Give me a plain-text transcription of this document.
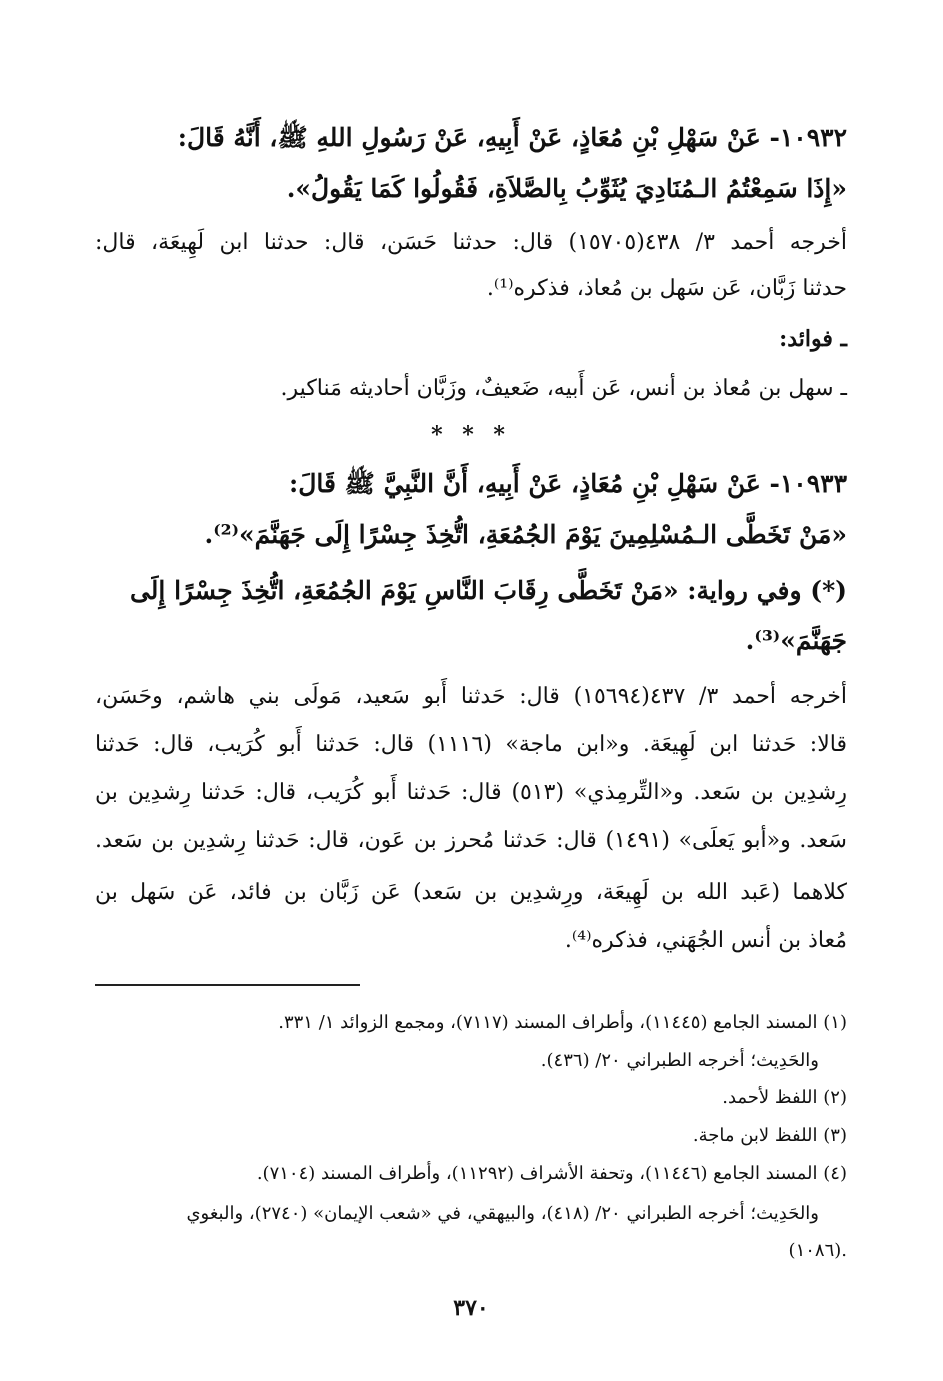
١٠٩٣٢- عَنْ سَهْلِ بْنِ مُعَاذٍ، عَنْ أَبِيهِ، عَنْ رَسُولِ اللهِ ﷺ، أَنَّهُ قَالَ:
«إِذَا سَمِعْتُمُ الـمُنَادِيَ يُثَوِّبُ بِالصَّلاَةِ، فَقُولُوا كَمَا يَقُولُ».
أخرجه أحمد ٣/ ٤٣٨(١٥٧٠٥) قال: حدثنا حَسَن، قال: حدثنا ابن لَهِيعَة، قال:
حدثنا زَبَّان، عَن سَهل بن مُعاذ، فذكره⁽¹⁾.
ـ فوائد:
ـ سهل بن مُعاذ بن أنس، عَن أَبيه، ضَعيفٌ، وزَبَّان أحاديثه مَناكير.
* * *
١٠٩٣٣- عَنْ سَهْلِ بْنِ مُعَاذٍ، عَنْ أَبِيهِ، أَنَّ النَّبِيَّ ﷺ قَالَ:
«مَنْ تَخَطَّى الـمُسْلِمِينَ يَوْمَ الجُمُعَةِ، اتُّخِذَ جِسْرًا إِلَى جَهَنَّمَ»⁽²⁾.
(*) وفي رواية: «مَنْ تَخَطَّى رِقَابَ النَّاسِ يَوْمَ الجُمُعَةِ، اتُّخِذَ جِسْرًا إِلَى
جَهَنَّمَ»⁽³⁾.
أخرجه أحمد ٣/ ٤٣٧(١٥٦٩٤) قال: حَدثنا أَبو سَعيد، مَولَى بني هاشم، وحَسَن،
قالا: حَدثنا ابن لَهِيعَة. و«ابن ماجة» (١١١٦) قال: حَدثنا أَبو كُرَيب، قال: حَدثنا
رِشدِين بن سَعد. و«التِّرمِذي» (٥١٣) قال: حَدثنا أَبو كُرَيب، قال: حَدثنا رِشدِين بن
سَعد. و«أبو يَعلَى» (١٤٩١) قال: حَدثنا مُحرز بن عَون، قال: حَدثنا رِشدِين بن سَعد.
كلاهما (عَبد الله بن لَهِيعَة، ورِشدِين بن سَعد) عَن زَبَّان بن فائد، عَن سَهل بن
مُعاذ بن أنس الجُهَني، فذكره⁽⁴⁾.
(١) المسند الجامع (١١٤٤٥)، وأطراف المسند (٧١١٧)، ومجمع الزوائد ١/ ٣٣١.
والحَدِيث؛ أخرجه الطبراني ٢٠/ (٤٣٦).
(٢) اللفظ لأحمد.
(٣) اللفظ لابن ماجة.
(٤) المسند الجامع (١١٤٤٦)، وتحفة الأشراف (١١٢٩٢)، وأطراف المسند (٧١٠٤).
والحَدِيث؛ أخرجه الطبراني ٢٠/ (٤١٨)، والبيهقي، في «شعب الإيمان» (٢٧٤٠)، والبغوي
(١٠٨٦).
٣٧٠
